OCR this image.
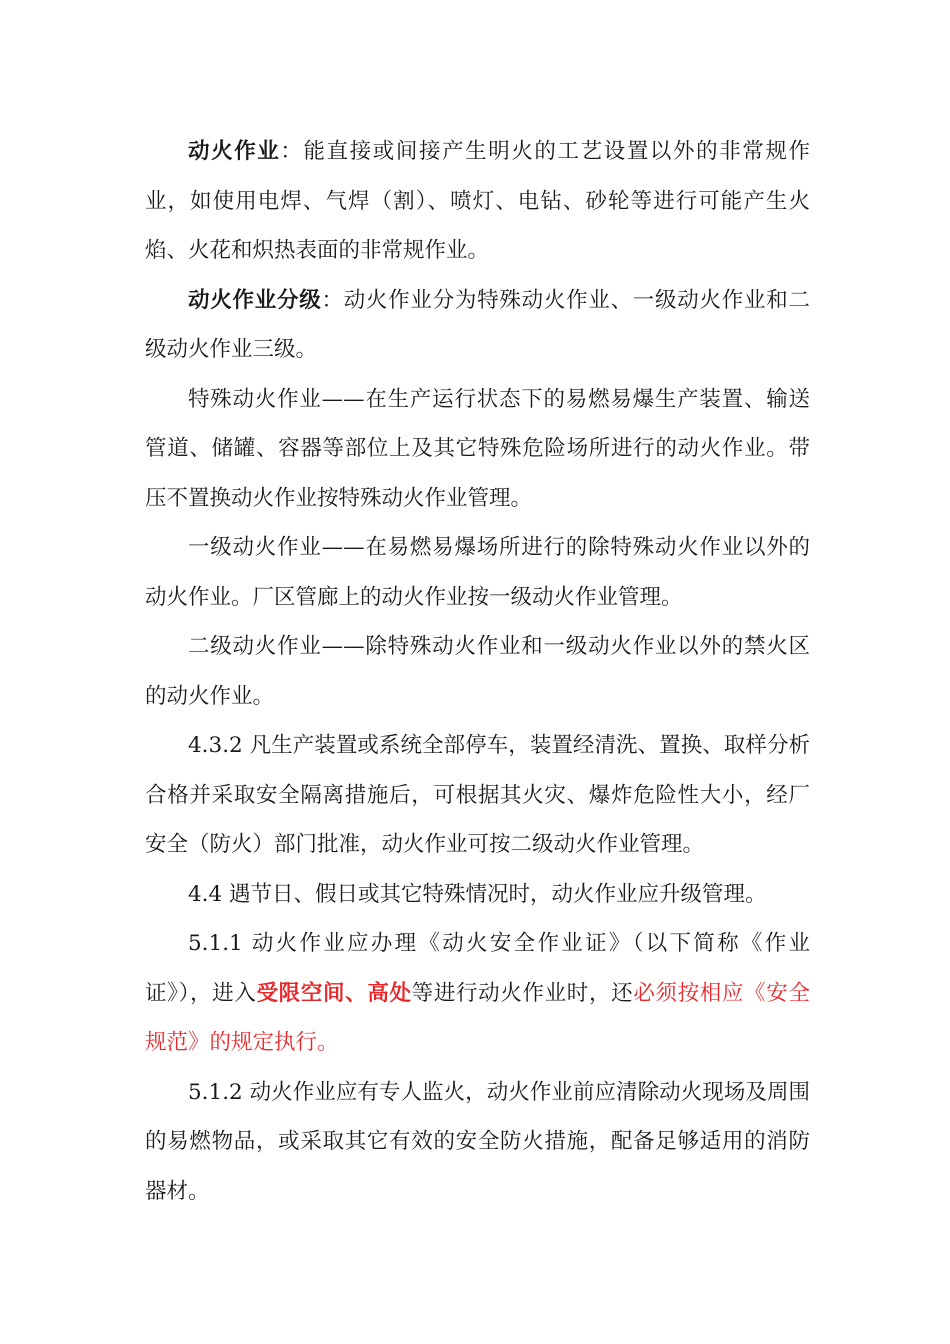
动火作业：能直接或间接产生明火的工艺设置以外的非常规作业，如使用电焊、气焊（割）、喷灯、电钻、砂轮等进行可能产生火焰、火花和炽热表面的非常规作业。

动火作业分级：动火作业分为特殊动火作业、一级动火作业和二级动火作业三级。

特殊动火作业——在生产运行状态下的易燃易爆生产装置、输送管道、储罐、容器等部位上及其它特殊危险场所进行的动火作业。带压不置换动火作业按特殊动火作业管理。

一级动火作业——在易燃易爆场所进行的除特殊动火作业以外的动火作业。厂区管廊上的动火作业按一级动火作业管理。

二级动火作业——除特殊动火作业和一级动火作业以外的禁火区的动火作业。

4.3.2 凡生产装置或系统全部停车，装置经清洗、置换、取样分析合格并采取安全隔离措施后，可根据其火灾、爆炸危险性大小，经厂安全（防火）部门批准，动火作业可按二级动火作业管理。

4.4 遇节日、假日或其它特殊情况时，动火作业应升级管理。

5.1.1 动火作业应办理《动火安全作业证》（以下简称《作业证》），进入受限空间、高处等进行动火作业时，还必须按相应《安全规范》的规定执行。

5.1.2 动火作业应有专人监火，动火作业前应清除动火现场及周围的易燃物品，或采取其它有效的安全防火措施，配备足够适用的消防器材。
